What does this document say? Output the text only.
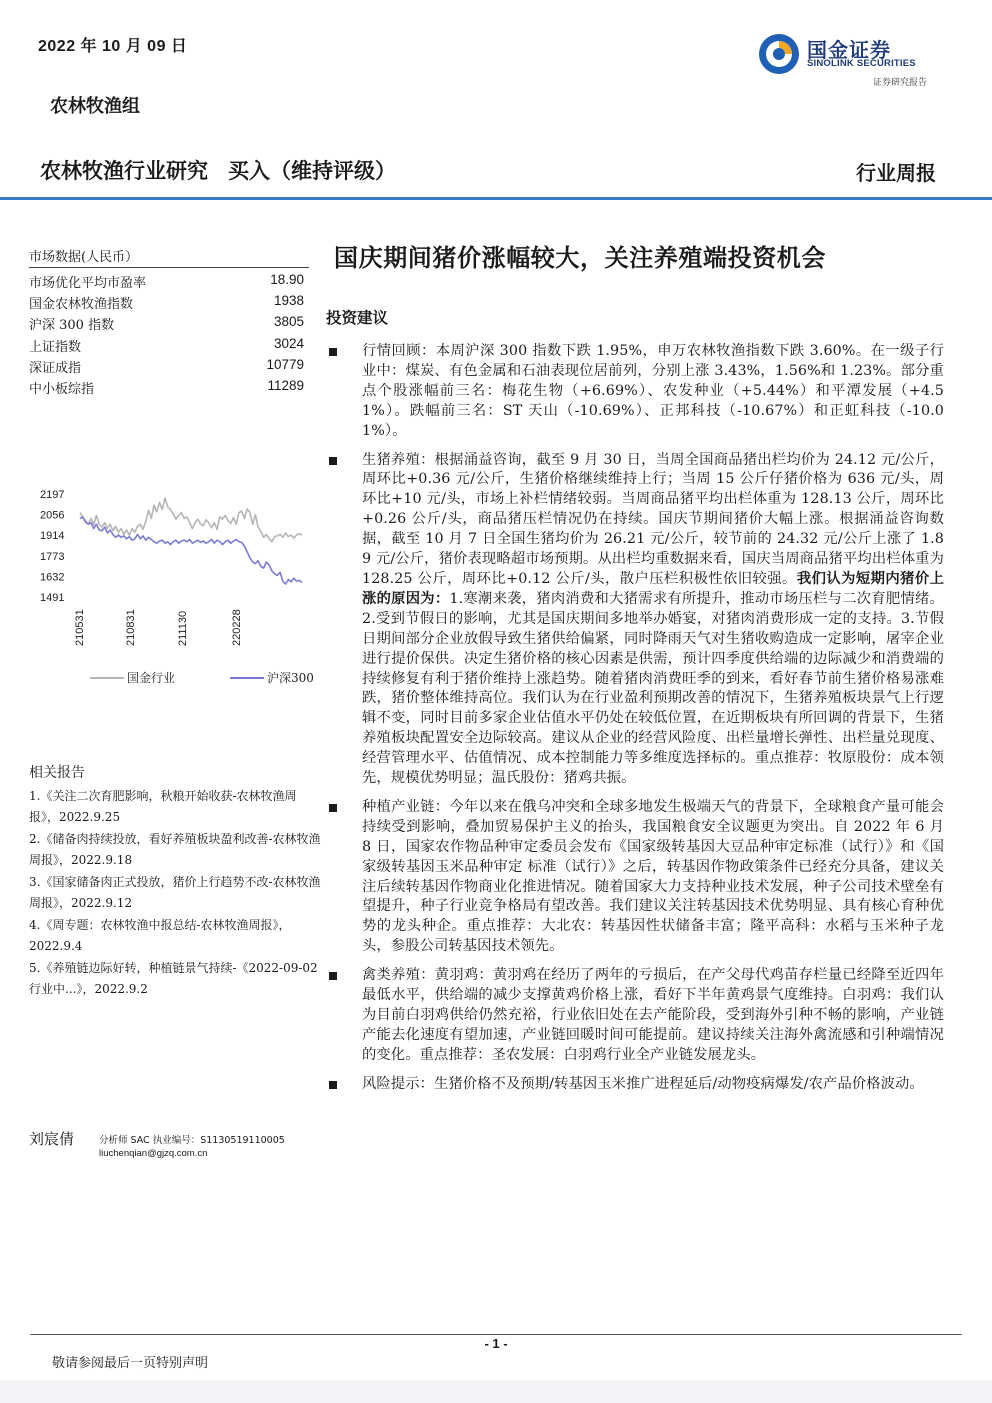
2022 年 10 月 09 日
农林牧渔组
国金证券
SINOLINK SECURITIES
证券研究报告
农林牧渔行业研究 买入（维持评级）	行业周报
市场数据(人民币）
市场优化平均市盈率	18.90
国金农林牧渔指数	1938
沪深 300 指数	3805
上证指数	3024
深证成指	10779
中小板综指	11289
2197
2056
1914
1773
1632
1491
210531	210831	211130	220228
国金行业	沪深300
相关报告
1.《关注二次育肥影响，秋粮开始收获-农林牧渔周报》，2022.9.25
2.《储备肉持续投放，看好养殖板块盈利改善-农林牧渔周报》，2022.9.18
3.《国家储备肉正式投放，猪价上行趋势不改-农林牧渔周报》，2022.9.12
4.《周专题：农林牧渔中报总结-农林牧渔周报》，2022.9.4
5.《养殖链边际好转，种植链景气持续-《2022-09-02 行业中...》，2022.9.2
刘宸倩	分析师 SAC 执业编号：S1130519110005
liuchenqian@gjzq.com.cn
国庆期间猪价涨幅较大，关注养殖端投资机会
投资建议

行情回顾：本周沪深 300 指数下跌 1.95%，申万农林牧渔指数下跌 3.60%。在一级子行业中：煤炭、有色金属和石油表现位居前列，分别上涨 3.43%，1.56%和 1.23%。部分重点个股涨幅前三名：梅花生物（+6.69%）、农发种业（+5.44%）和平潭发展（+4.51%）。跌幅前三名：ST 天山（-10.69%）、正邦科技（-10.67%）和正虹科技（-10.01%）。

生猪养殖：根据涌益咨询，截至 9 月 30 日，当周全国商品猪出栏均价为 24.12 元/公斤，周环比+0.36 元/公斤，生猪价格继续维持上行；当周 15 公斤仔猪价格为 636 元/头，周环比+10 元/头，市场上补栏情绪较弱。当周商品猪平均出栏体重为 128.13 公斤，周环比+0.26 公斤/头，商品猪压栏情况仍在持续。国庆节期间猪价大幅上涨。根据涌益咨询数据，截至 10 月 7 日全国生猪均价为 26.21 元/公斤，较节前的 24.32 元/公斤上涨了 1.89 元/公斤，猪价表现略超市场预期。从出栏均重数据来看，国庆当周商品猪平均出栏体重为 128.25 公斤，周环比+0.12 公斤/头，散户压栏积极性依旧较强。我们认为短期内猪价上涨的原因为：1.寒潮来袭，猪肉消费和大猪需求有所提升，推动市场压栏与二次育肥情绪。2.受到节假日的影响，尤其是国庆期间多地举办婚宴，对猪肉消费形成一定的支持。3.节假日期间部分企业放假导致生猪供给偏紧，同时降雨天气对生猪收购造成一定影响，屠宰企业进行提价保供。决定生猪价格的核心因素是供需，预计四季度供给端的边际减少和消费端的持续修复有利于猪价维持上涨趋势。随着猪肉消费旺季的到来，看好春节前生猪价格易涨难跌，猪价整体维持高位。我们认为在行业盈利预期改善的情况下，生猪养殖板块景气上行逻辑不变，同时目前多家企业估值水平仍处在较低位置，在近期板块有所回调的背景下，生猪养殖板块配置安全边际较高。建议从企业的经营风险度、出栏量增长弹性、出栏量兑现度、经营管理水平、估值情况、成本控制能力等多维度选择标的。重点推荐：牧原股份：成本领先，规模优势明显；温氏股份：猪鸡共振。

种植产业链：今年以来在俄乌冲突和全球多地发生极端天气的背景下，全球粮食产量可能会持续受到影响，叠加贸易保护主义的抬头，我国粮食安全议题更为突出。自 2022 年 6 月 8 日，国家农作物品种审定委员会发布《国家级转基因大豆品种审定标准（试行）》和《国家级转基因玉米品种审定 标准（试行）》之后，转基因作物政策条件已经充分具备，建议关注后续转基因作物商业化推进情况。随着国家大力支持种业技术发展，种子公司技术壁垒有望提升，种子行业竞争格局有望改善。我们建议关注转基因技术优势明显、具有核心育种优势的龙头种企。重点推荐：大北农：转基因性状储备丰富；隆平高科：水稻与玉米种子龙头，参股公司转基因技术领先。

禽类养殖：黄羽鸡：黄羽鸡在经历了两年的亏损后，在产父母代鸡苗存栏量已经降至近四年最低水平，供给端的减少支撑黄鸡价格上涨，看好下半年黄鸡景气度维持。白羽鸡：我们认为目前白羽鸡供给仍然充裕，行业依旧处在去产能阶段，受到海外引种不畅的影响，产业链产能去化速度有望加速，产业链回暖时间可能提前。建议持续关注海外禽流感和引种端情况的变化。重点推荐：圣农发展：白羽鸡行业全产业链发展龙头。

风险提示：生猪价格不及预期/转基因玉米推广进程延后/动物疫病爆发/农产品价格波动。

- 1 -
敬请参阅最后一页特别声明
